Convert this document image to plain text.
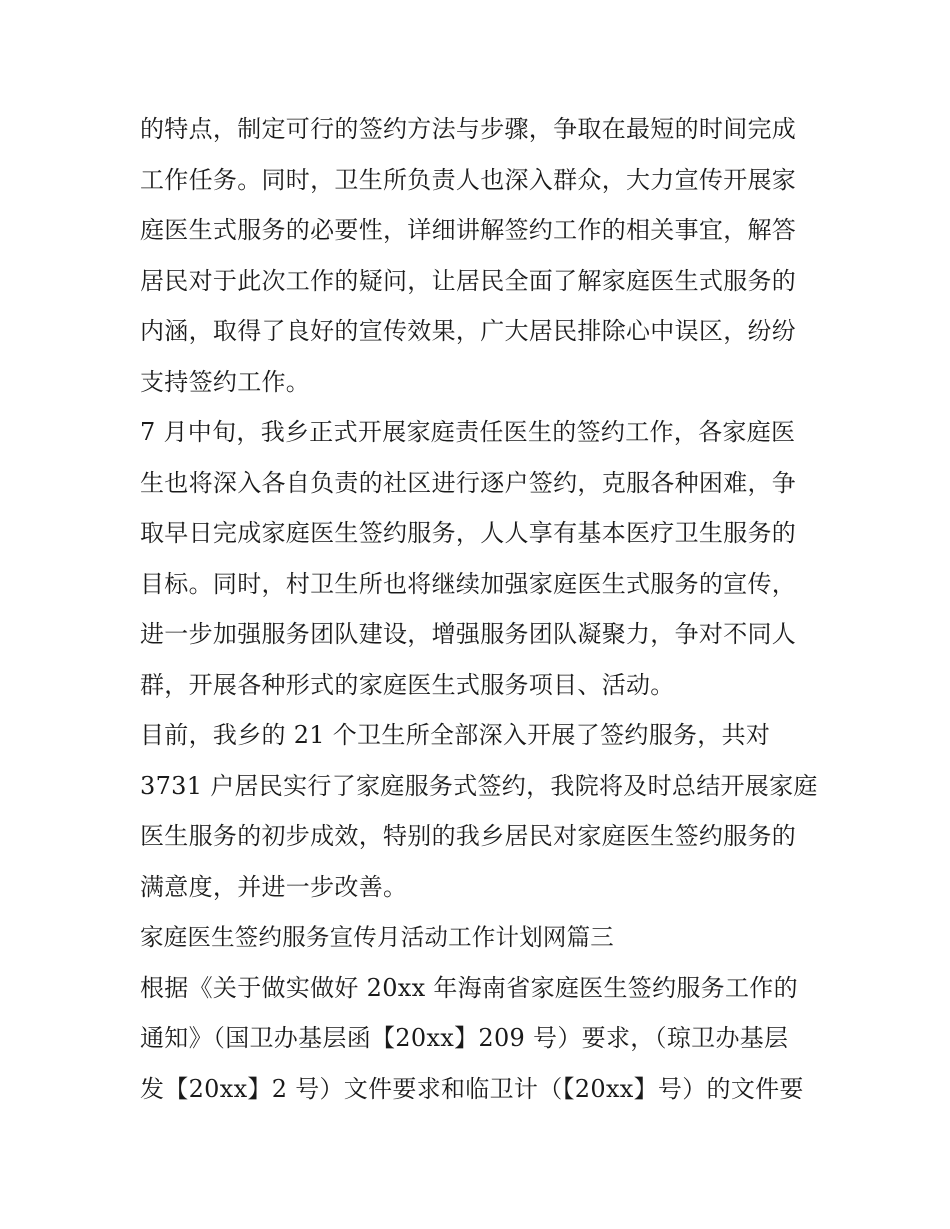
的特点，制定可行的签约方法与步骤，争取在最短的时间完成
工作任务。同时，卫生所负责人也深入群众，大力宣传开展家
庭医生式服务的必要性，详细讲解签约工作的相关事宜，解答
居民对于此次工作的疑问，让居民全面了解家庭医生式服务的
内涵，取得了良好的宣传效果，广大居民排除心中误区，纷纷
支持签约工作。
7 月中旬，我乡正式开展家庭责任医生的签约工作，各家庭医
生也将深入各自负责的社区进行逐户签约，克服各种困难，争
取早日完成家庭医生签约服务，人人享有基本医疗卫生服务的
目标。同时，村卫生所也将继续加强家庭医生式服务的宣传，
进一步加强服务团队建设，增强服务团队凝聚力，争对不同人
群，开展各种形式的家庭医生式服务项目、活动。
目前，我乡的 21 个卫生所全部深入开展了签约服务，共对
3731 户居民实行了家庭服务式签约，我院将及时总结开展家庭
医生服务的初步成效，特别的我乡居民对家庭医生签约服务的
满意度，并进一步改善。
家庭医生签约服务宣传月活动工作计划网篇三
根据《关于做实做好 20xx 年海南省家庭医生签约服务工作的
通知》（国卫办基层函【20xx】209 号）要求，（琼卫办基层
发【20xx】2 号）文件要求和临卫计（【20xx】号）的文件要
